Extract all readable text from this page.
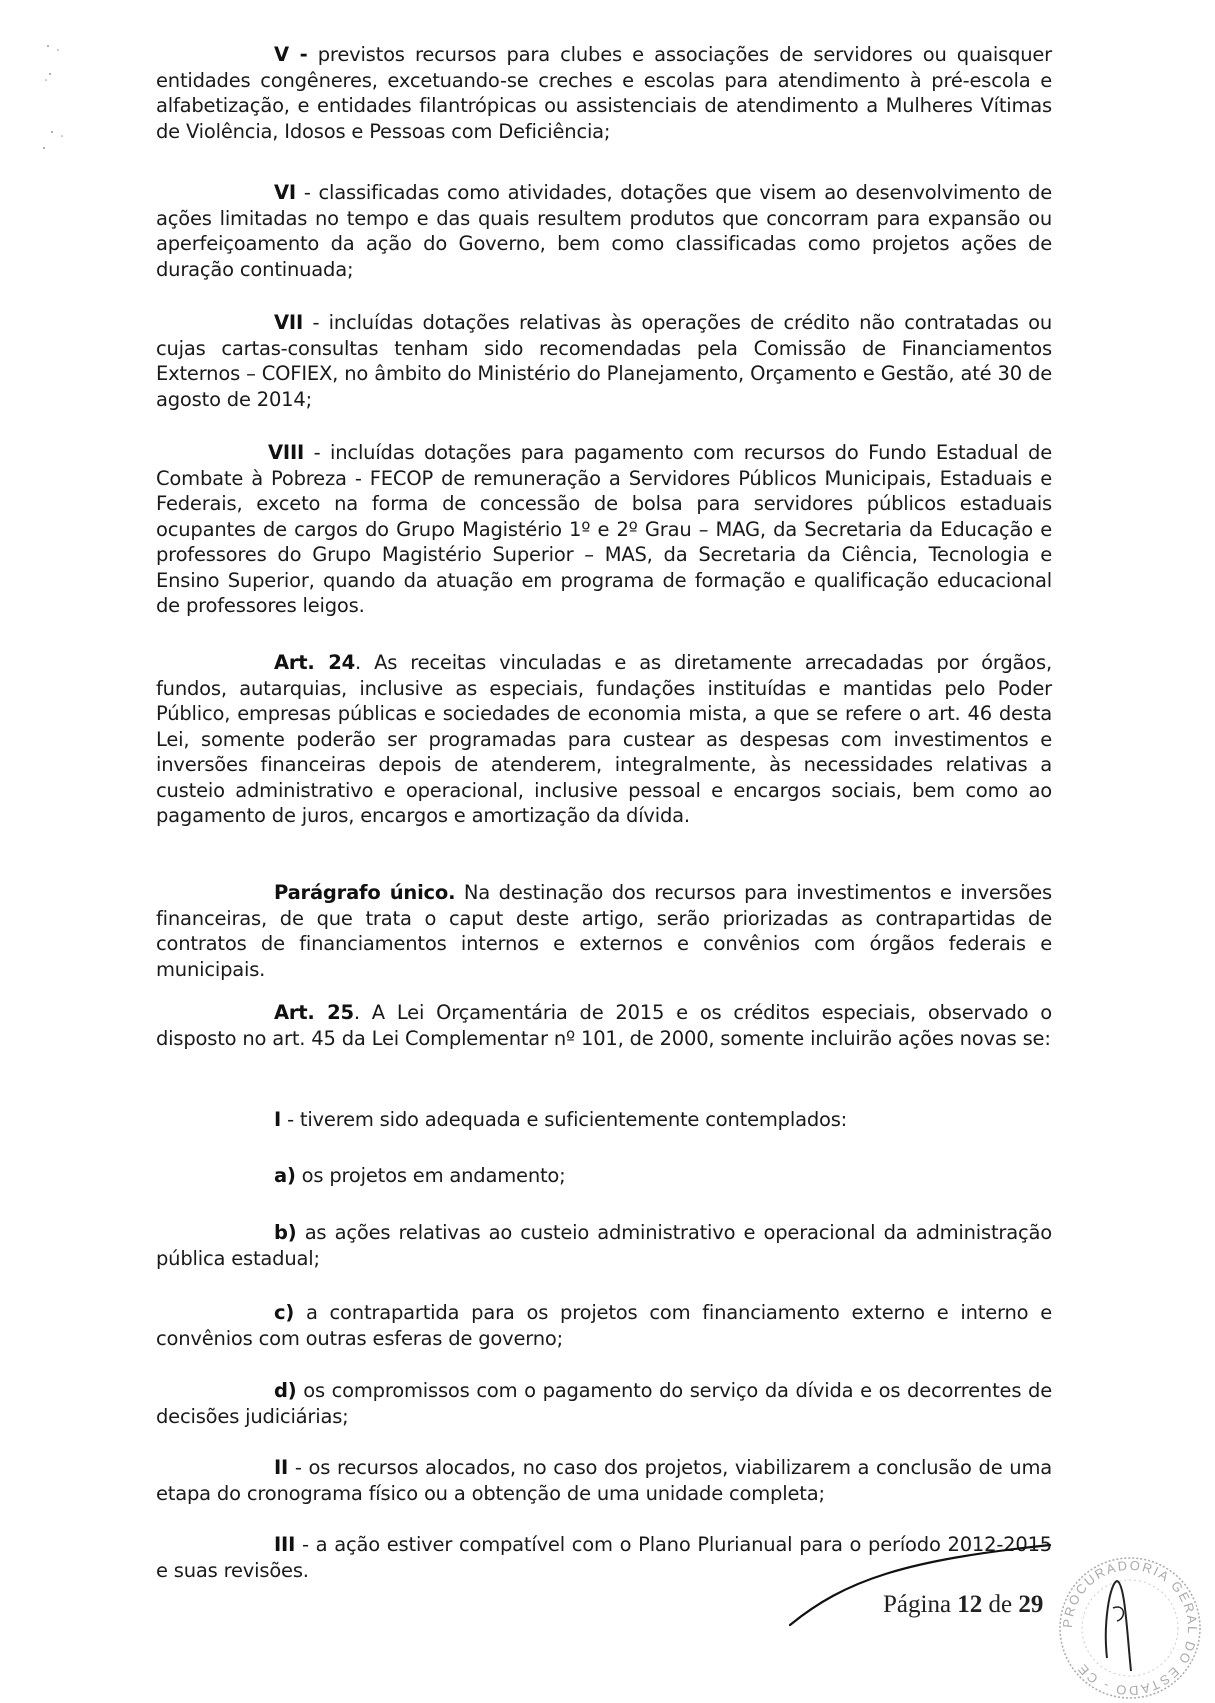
V - previstos recursos para clubes e associações de servidores ou quaisquer entidades congêneres, excetuando-se creches e escolas para atendimento à pré-escola e alfabetização, e entidades filantrópicas ou assistenciais de atendimento a Mulheres Vítimas de Violência, Idosos e Pessoas com Deficiência;

VI - classificadas como atividades, dotações que visem ao desenvolvimento de ações limitadas no tempo e das quais resultem produtos que concorram para expansão ou aperfeiçoamento da ação do Governo, bem como classificadas como projetos ações de duração continuada;

VII - incluídas dotações relativas às operações de crédito não contratadas ou cujas cartas-consultas tenham sido recomendadas pela Comissão de Financiamentos Externos – COFIEX, no âmbito do Ministério do Planejamento, Orçamento e Gestão, até 30 de agosto de 2014;

VIII - incluídas dotações para pagamento com recursos do Fundo Estadual de Combate à Pobreza - FECOP de remuneração a Servidores Públicos Municipais, Estaduais e Federais, exceto na forma de concessão de bolsa para servidores públicos estaduais ocupantes de cargos do Grupo Magistério 1º e 2º Grau – MAG, da Secretaria da Educação e professores do Grupo Magistério Superior – MAS, da Secretaria da Ciência, Tecnologia e Ensino Superior, quando da atuação em programa de formação e qualificação educacional de professores leigos.

Art. 24. As receitas vinculadas e as diretamente arrecadadas por órgãos, fundos, autarquias, inclusive as especiais, fundações instituídas e mantidas pelo Poder Público, empresas públicas e sociedades de economia mista, a que se refere o art. 46 desta Lei, somente poderão ser programadas para custear as despesas com investimentos e inversões financeiras depois de atenderem, integralmente, às necessidades relativas a custeio administrativo e operacional, inclusive pessoal e encargos sociais, bem como ao pagamento de juros, encargos e amortização da dívida.

Parágrafo único. Na destinação dos recursos para investimentos e inversões financeiras, de que trata o caput deste artigo, serão priorizadas as contrapartidas de contratos de financiamentos internos e externos e convênios com órgãos federais e municipais.

Art. 25. A Lei Orçamentária de 2015 e os créditos especiais, observado o disposto no art. 45 da Lei Complementar nº 101, de 2000, somente incluirão ações novas se:

I - tiverem sido adequada e suficientemente contemplados:

a) os projetos em andamento;

b) as ações relativas ao custeio administrativo e operacional da administração pública estadual;

c) a contrapartida para os projetos com financiamento externo e interno e convênios com outras esferas de governo;

d) os compromissos com o pagamento do serviço da dívida e os decorrentes de decisões judiciárias;

II - os recursos alocados, no caso dos projetos, viabilizarem a conclusão de uma etapa do cronograma físico ou a obtenção de uma unidade completa;

III - a ação estiver compatível com o Plano Plurianual para o período 2012-2015 e suas revisões.

Página 12 de 29
PROCURADORIA GERAL DO ESTADO - CE
